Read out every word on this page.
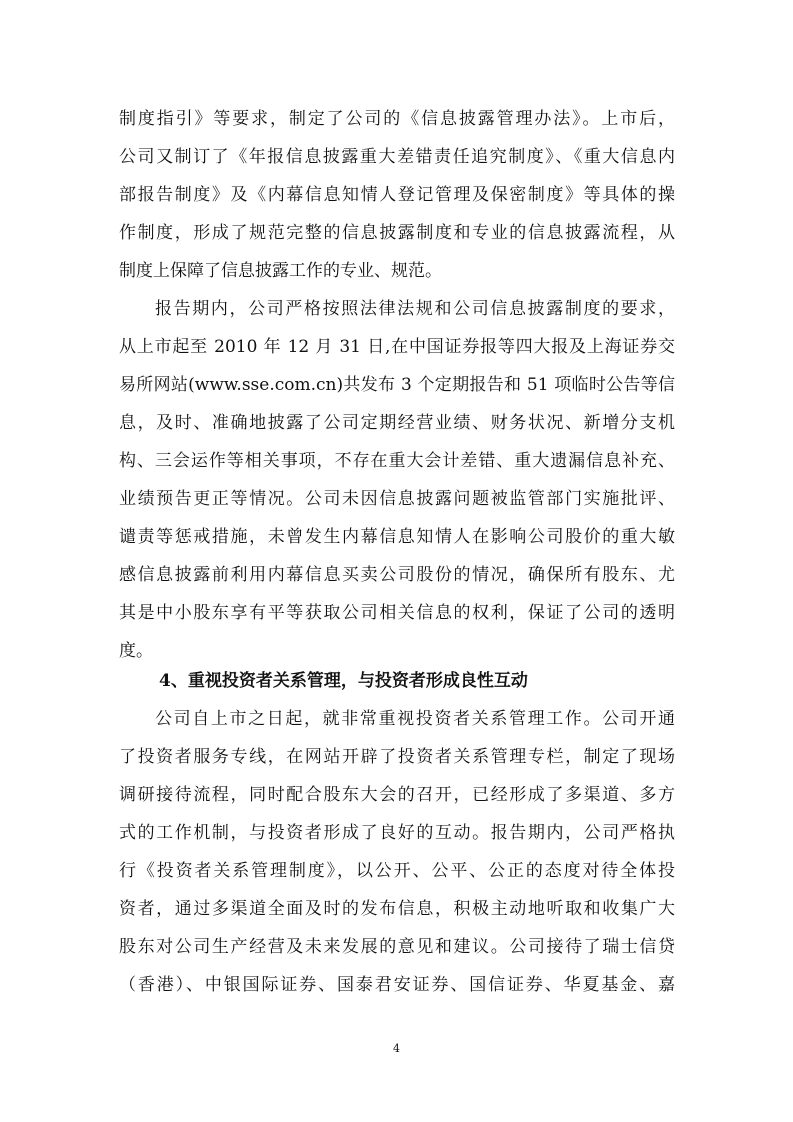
制度指引》等要求，制定了公司的《信息披露管理办法》。上市后，
公司又制订了《年报信息披露重大差错责任追究制度》、《重大信息内
部报告制度》及《内幕信息知情人登记管理及保密制度》等具体的操
作制度，形成了规范完整的信息披露制度和专业的信息披露流程，从
制度上保障了信息披露工作的专业、规范。
报告期内，公司严格按照法律法规和公司信息披露制度的要求，
从上市起至 2010 年 12 月 31 日,在中国证券报等四大报及上海证券交
易所网站(www.sse.com.cn)共发布 3 个定期报告和 51 项临时公告等信
息，及时、准确地披露了公司定期经营业绩、财务状况、新增分支机
构、三会运作等相关事项，不存在重大会计差错、重大遗漏信息补充、
业绩预告更正等情况。公司未因信息披露问题被监管部门实施批评、
谴责等惩戒措施，未曾发生内幕信息知情人在影响公司股价的重大敏
感信息披露前利用内幕信息买卖公司股份的情况，确保所有股东、尤
其是中小股东享有平等获取公司相关信息的权利，保证了公司的透明
度。
4、重视投资者关系管理，与投资者形成良性互动
公司自上市之日起，就非常重视投资者关系管理工作。公司开通
了投资者服务专线，在网站开辟了投资者关系管理专栏，制定了现场
调研接待流程，同时配合股东大会的召开，已经形成了多渠道、多方
式的工作机制，与投资者形成了良好的互动。报告期内，公司严格执
行《投资者关系管理制度》，以公开、公平、公正的态度对待全体投
资者，通过多渠道全面及时的发布信息，积极主动地听取和收集广大
股东对公司生产经营及未来发展的意见和建议。公司接待了瑞士信贷
（香港）、中银国际证券、国泰君安证券、国信证券、华夏基金、嘉
4
